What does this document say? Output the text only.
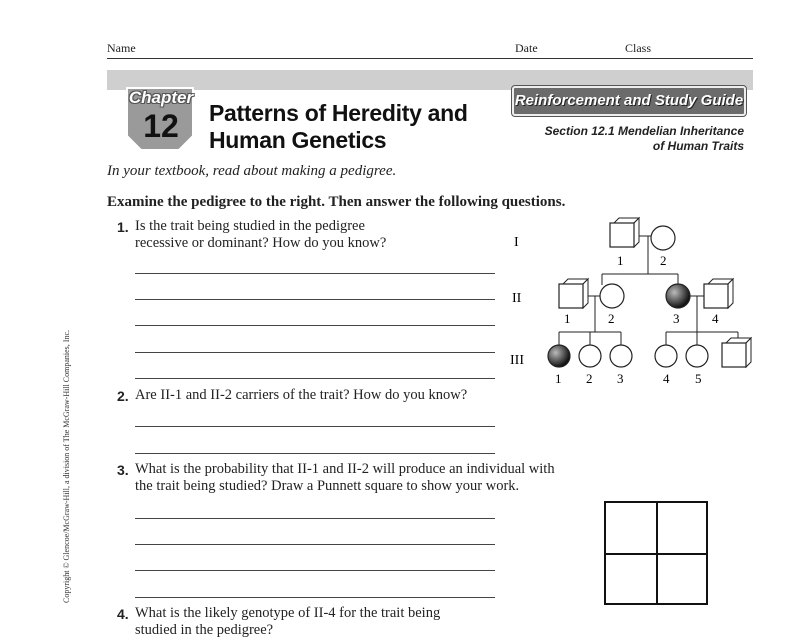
Name	Date	Class
Chapter
12	Patterns of Heredity and
Human Genetics
Reinforcement and Study Guide
Section 12.1 Mendelian Inheritance
of Human Traits
In your textbook, read about making a pedigree.
Examine the pedigree to the right. Then answer the following questions.
1. Is the trait being studied in the pedigree
recessive or dominant? How do you know?
2. Are II-1 and II-2 carriers of the trait? How do you know?
3. What is the probability that II-1 and II-2 will produce an individual with
the trait being studied? Draw a Punnett square to show your work.
4. What is the likely genotype of II-4 for the trait being
studied in the pedigree?
I
II
III
1	2
1	2	3	4
1 2 3	4 5
Copyright © Glencoe/McGraw-Hill, a division of The McGraw-Hill Companies, Inc.
